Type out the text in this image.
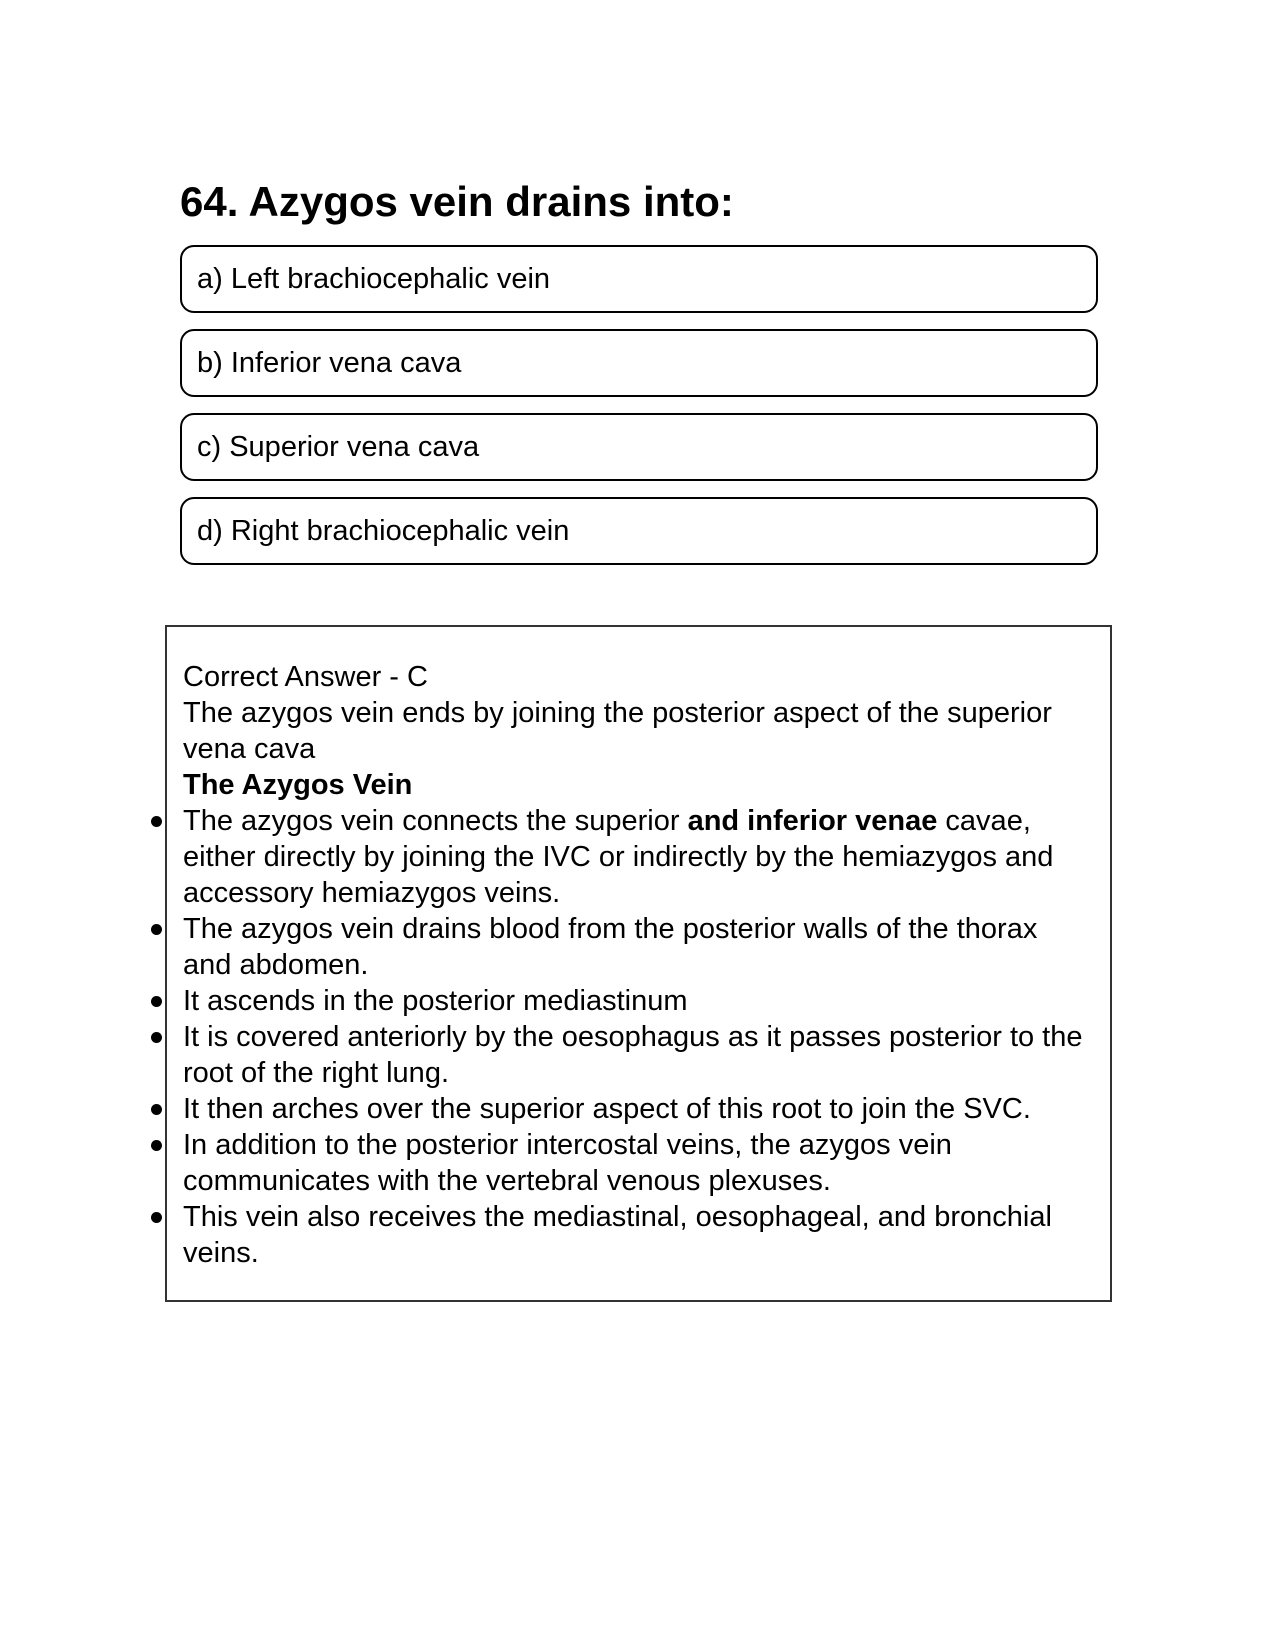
64. Azygos vein drains into:
a) Left brachiocephalic vein
b) Inferior vena cava
c) Superior vena cava
d) Right brachiocephalic vein

Correct Answer - C

The azygos vein ends by joining the posterior aspect of the superior vena cava

The Azygos Vein

The azygos vein connects the superior and inferior venae cavae, either directly by joining the IVC or indirectly by the hemiazygos and accessory hemiazygos veins.
The azygos vein drains blood from the posterior walls of the thorax and abdomen.
It ascends in the posterior mediastinum
It is covered anteriorly by the oesophagus as it passes posterior to the root of the right lung.
It then arches over the superior aspect of this root to join the SVC.
In addition to the posterior intercostal veins, the azygos vein communicates with the vertebral venous plexuses.
This vein also receives the mediastinal, oesophageal, and bronchial veins.
